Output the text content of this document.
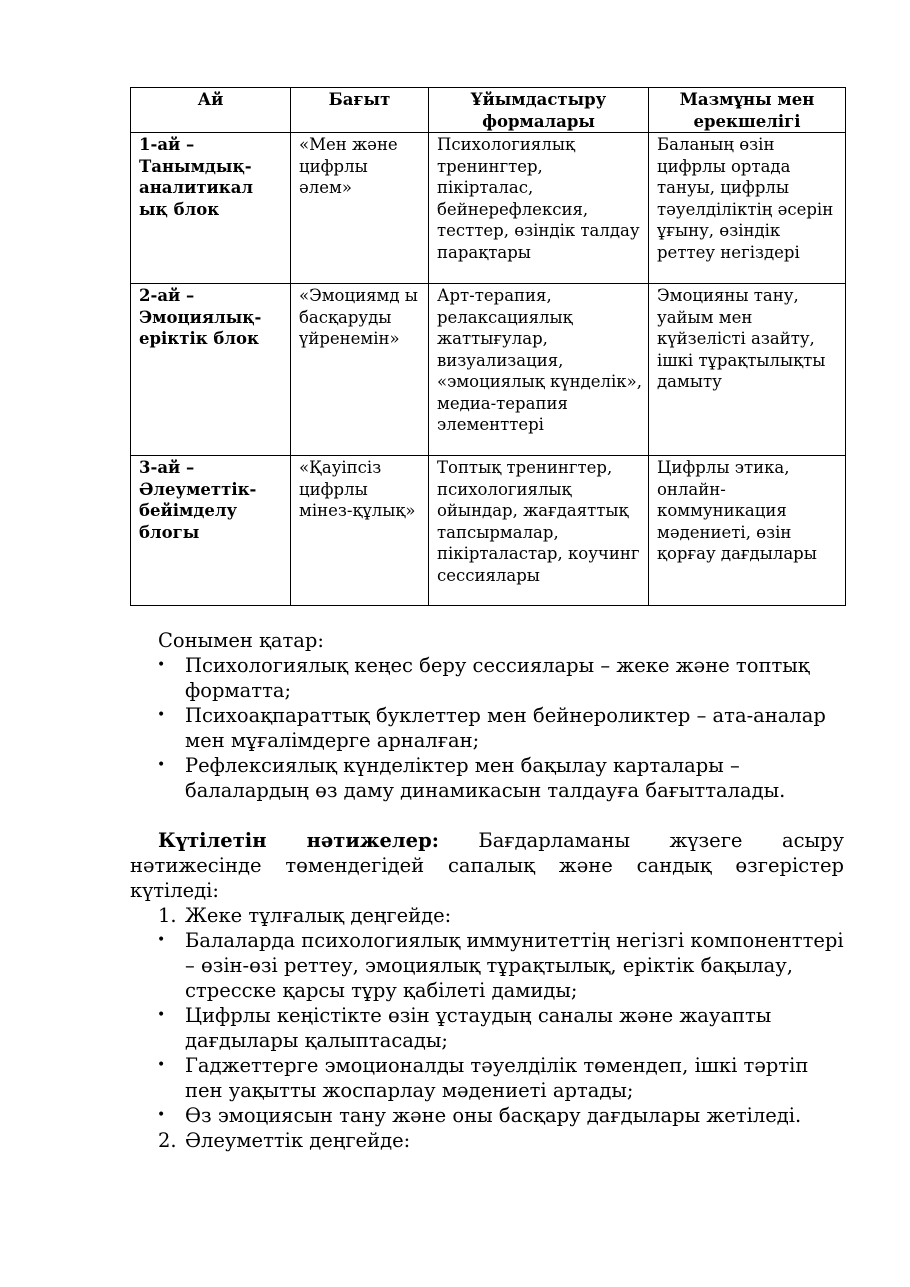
Ай	Бағыт	Ұйымдастыру формалары	Мазмұны мен ерекшелігі
1-ай – Танымдық-аналитикал ық блок	«Мен және цифрлы әлем»	Психологиялық тренингтер, пікірталас, бейнерефлексия, тесттер, өзіндік талдау парақтары	Баланың өзін цифрлы ортада тануы, цифрлы тәуелділіктің әсерін ұғыну, өзіндік реттеу негіздері
2-ай – Эмоциялық-еріктік блок	«Эмоциямд ы басқаруды үйренемін»	Арт-терапия, релаксациялық жаттығулар, визуализация, «эмоциялық күнделік», медиа-терапия элементтері	Эмоцияны тану, уайым мен күйзелісті азайту, ішкі тұрақтылықты дамыту
3-ай – Әлеуметтік-бейімделу блогы	«Қауіпсіз цифрлы мінез-құлық»	Топтық тренингтер, психологиялық ойындар, жағдаяттық тапсырмалар, пікірталастар, коучинг сессиялары	Цифрлы этика, онлайн-коммуникация мәдениеті, өзін қорғау дағдылары
Сонымен қатар:

• Психологиялық кеңес беру сессиялары – жеке және топтық форматта;

• Психоақпараттық буклеттер мен бейнероликтер – ата-аналар мен мұғалімдерге арналған;

• Рефлексиялық күнделіктер мен бақылау карталары – балалардың өз даму динамикасын талдауға бағытталады.

Күтілетін нәтижелер: Бағдарламаны жүзеге асыру нәтижесінде төмендегідей сапалық және сандық өзгерістер күтіледі:

1. Жеке тұлғалық деңгейде:

• Балаларда психологиялық иммунитеттің негізгі компоненттері – өзін-өзі реттеу, эмоциялық тұрақтылық, еріктік бақылау, стресске қарсы тұру қабілеті дамиды;

• Цифрлы кеңістікте өзін ұстаудың саналы және жауапты дағдылары қалыптасады;

• Гаджеттерге эмоционалды тәуелділік төмендеп, ішкі тәртіп пен уақытты жоспарлау мәдениеті артады;

• Өз эмоциясын тану және оны басқару дағдылары жетіледі.

2. Әлеуметтік деңгейде:
